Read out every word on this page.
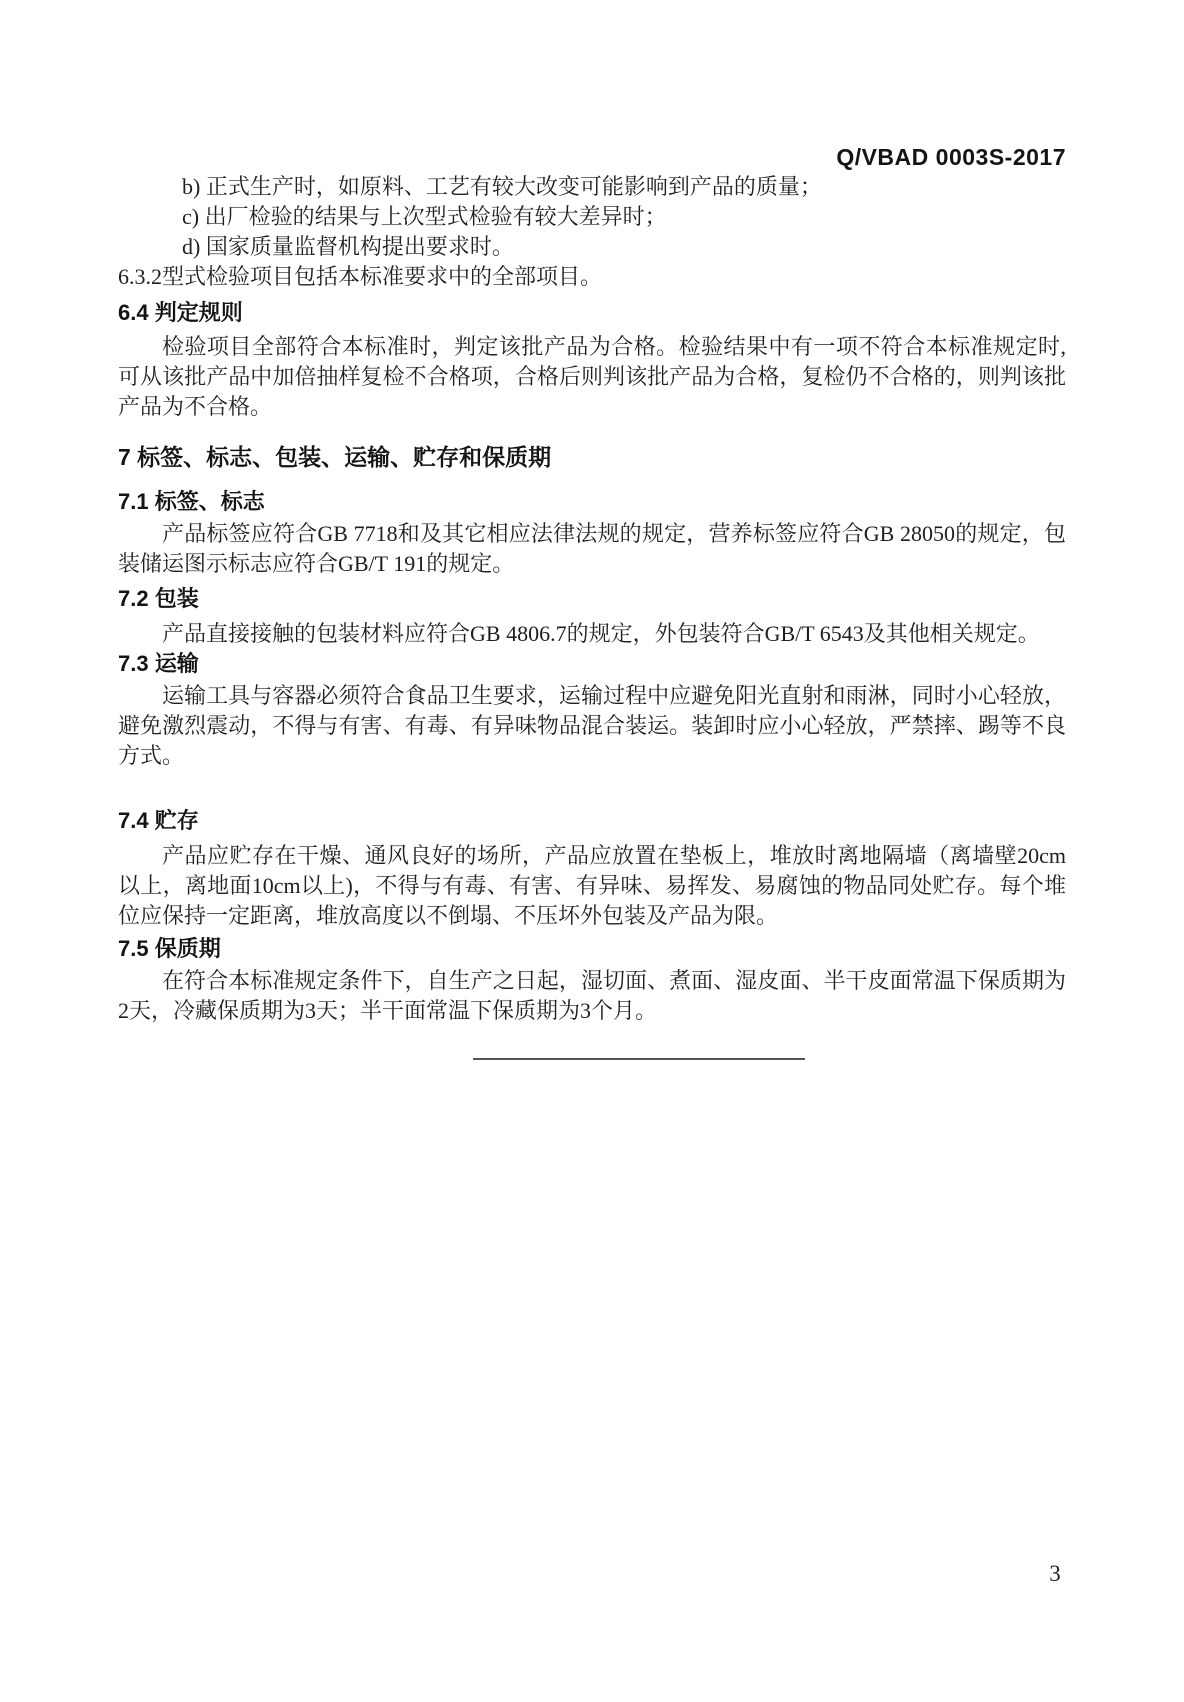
Q/VBAD 0003S-2017
b) 正式生产时，如原料、工艺有较大改变可能影响到产品的质量；
c) 出厂检验的结果与上次型式检验有较大差异时；
d) 国家质量监督机构提出要求时。
6.3.2型式检验项目包括本标准要求中的全部项目。
6.4 判定规则

检验项目全部符合本标准时，判定该批产品为合格。检验结果中有一项不符合本标准规定时,可从该批产品中加倍抽样复检不合格项，合格后则判该批产品为合格，复检仍不合格的，则判该批产品为不合格。

7 标签、标志、包装、运输、贮存和保质期
7.1 标签、标志

产品标签应符合GB 7718和及其它相应法律法规的规定，营养标签应符合GB 28050的规定，包装储运图示标志应符合GB/T 191的规定。

7.2 包装

产品直接接触的包装材料应符合GB 4806.7的规定，外包装符合GB/T 6543及其他相关规定。

7.3 运输

运输工具与容器必须符合食品卫生要求，运输过程中应避免阳光直射和雨淋，同时小心轻放，避免激烈震动，不得与有害、有毒、有异味物品混合装运。装卸时应小心轻放，严禁摔、踢等不良方式。

7.4 贮存

产品应贮存在干燥、通风良好的场所，产品应放置在垫板上，堆放时离地隔墙（离墙壁20cm以上，离地面10cm以上)，不得与有毒、有害、有异味、易挥发、易腐蚀的物品同处贮存。每个堆位应保持一定距离，堆放高度以不倒塌、不压坏外包装及产品为限。

7.5 保质期

在符合本标准规定条件下，自生产之日起，湿切面、煮面、湿皮面、半干皮面常温下保质期为2天，冷藏保质期为3天；半干面常温下保质期为3个月。

3
